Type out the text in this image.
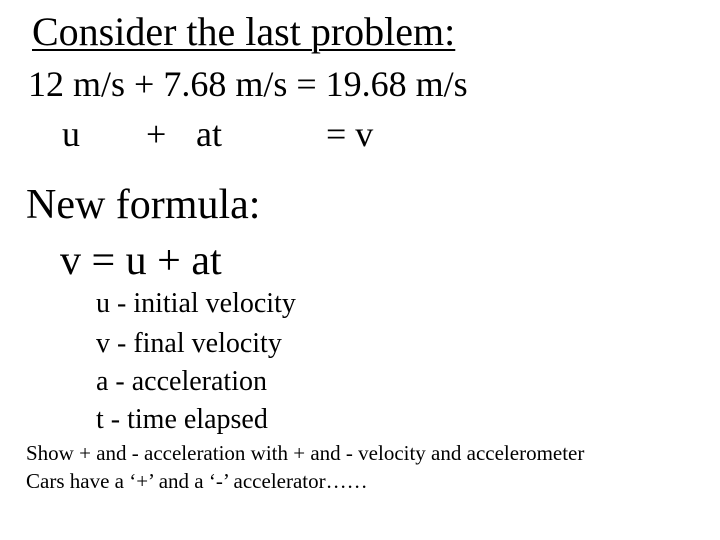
Consider the last problem:
12 m/s + 7.68 m/s = 19.68 m/s
u + at	= v
New formula:
v = u + at
u - initial velocity
v - final velocity
a - acceleration
t - time elapsed
Show + and - acceleration with + and - velocity and accelerometer
Cars have a ‘+’ and a ‘-’ accelerator……
